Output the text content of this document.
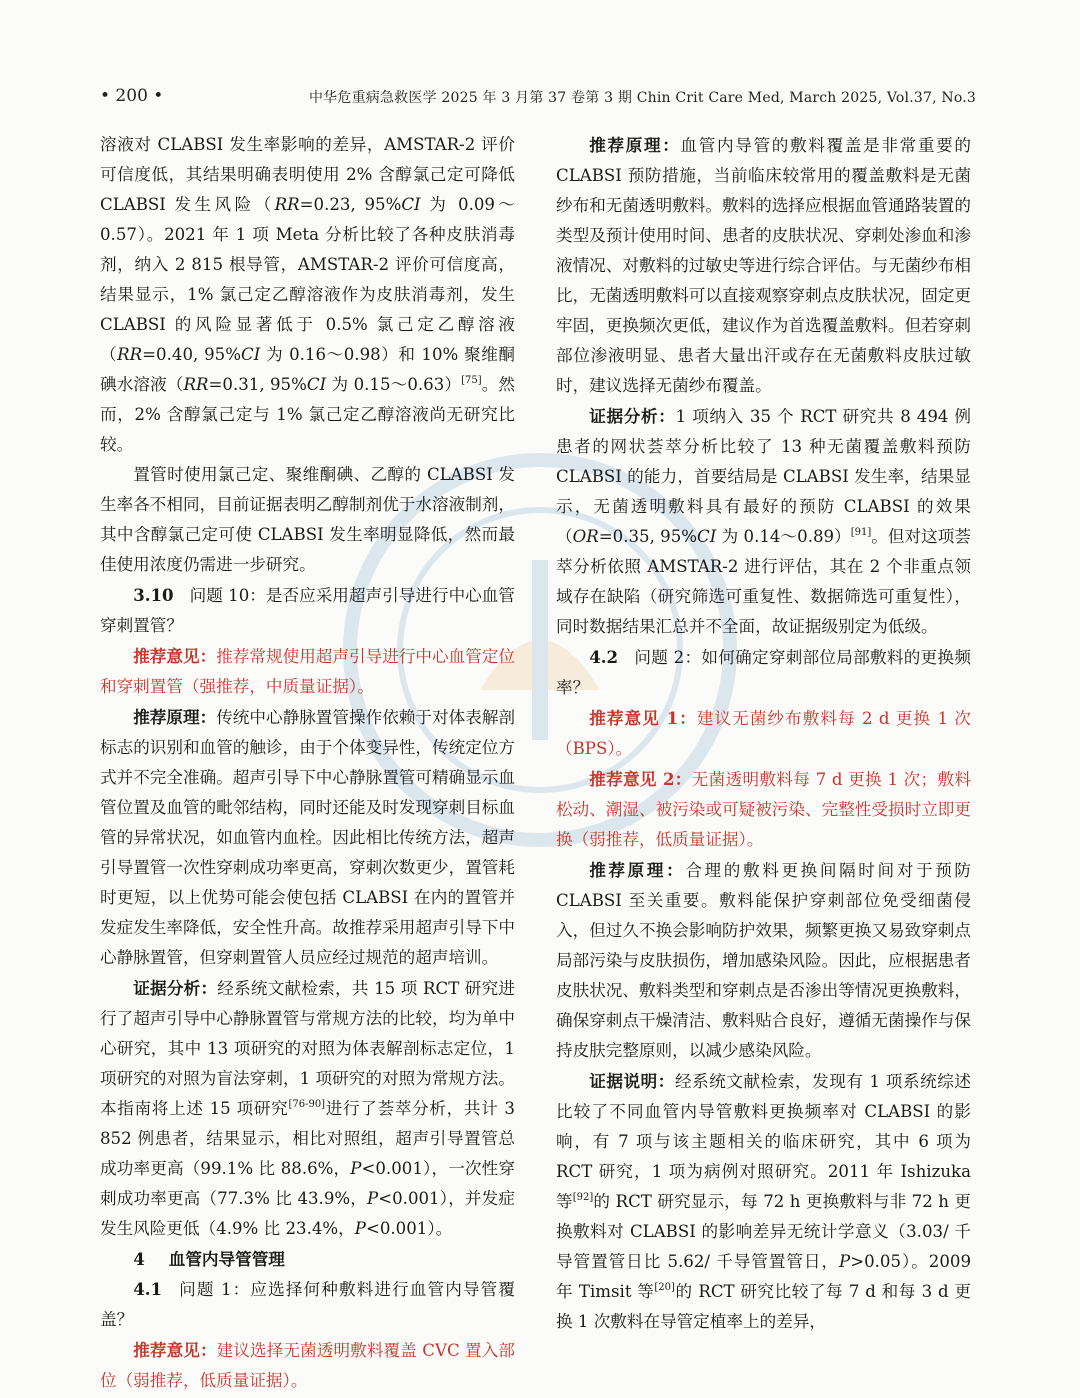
• 200 •	中华危重病急救医学 2025 年 3 月第 37 卷第 3 期 Chin Crit Care Med, March 2025, Vol.37, No.3

溶液对 CLABSI 发生率影响的差异，AMSTAR-2 评价可信度低，其结果明确表明使用 2% 含醇氯己定可降低 CLABSI 发生风险（RR=0.23, 95%CI 为 0.09～0.57）。2021 年 1 项 Meta 分析比较了各种皮肤消毒剂，纳入 2 815 根导管，AMSTAR-2 评价可信度高，结果显示，1% 氯己定乙醇溶液作为皮肤消毒剂，发生 CLABSI 的风险显著低于 0.5% 氯己定乙醇溶液（RR=0.40, 95%CI 为 0.16～0.98）和 10% 聚维酮碘水溶液（RR=0.31, 95%CI 为 0.15～0.63）[75]。然而，2% 含醇氯己定与 1% 氯己定乙醇溶液尚无研究比较。

置管时使用氯己定、聚维酮碘、乙醇的 CLABSI 发生率各不相同，目前证据表明乙醇制剂优于水溶液制剂，其中含醇氯己定可使 CLABSI 发生率明显降低，然而最佳使用浓度仍需进一步研究。

3.10 问题 10：是否应采用超声引导进行中心血管穿刺置管？

推荐意见：推荐常规使用超声引导进行中心血管定位和穿刺置管（强推荐，中质量证据）。

推荐原理：传统中心静脉置管操作依赖于对体表解剖标志的识别和血管的触诊，由于个体变异性，传统定位方式并不完全准确。超声引导下中心静脉置管可精确显示血管位置及血管的毗邻结构，同时还能及时发现穿刺目标血管的异常状况，如血管内血栓。因此相比传统方法，超声引导置管一次性穿刺成功率更高，穿刺次数更少，置管耗时更短，以上优势可能会使包括 CLABSI 在内的置管并发症发生率降低，安全性升高。故推荐采用超声引导下中心静脉置管，但穿刺置管人员应经过规范的超声培训。

证据分析：经系统文献检索，共 15 项 RCT 研究进行了超声引导中心静脉置管与常规方法的比较，均为单中心研究，其中 13 项研究的对照为体表解剖标志定位，1 项研究的对照为盲法穿刺，1 项研究的对照为常规方法。本指南将上述 15 项研究[76-90]进行了荟萃分析，共计 3 852 例患者，结果显示，相比对照组，超声引导置管总成功率更高（99.1% 比 88.6%，P<0.001），一次性穿刺成功率更高（77.3% 比 43.9%，P<0.001），并发症发生风险更低（4.9% 比 23.4%，P<0.001）。

4 血管内导管管理

4.1 问题 1：应选择何种敷料进行血管内导管覆盖？

推荐意见：建议选择无菌透明敷料覆盖 CVC 置入部位（弱推荐，低质量证据）。

推荐原理：血管内导管的敷料覆盖是非常重要的 CLABSI 预防措施，当前临床较常用的覆盖敷料是无菌纱布和无菌透明敷料。敷料的选择应根据血管通路装置的类型及预计使用时间、患者的皮肤状况、穿刺处渗血和渗液情况、对敷料的过敏史等进行综合评估。与无菌纱布相比，无菌透明敷料可以直接观察穿刺点皮肤状况，固定更牢固，更换频次更低，建议作为首选覆盖敷料。但若穿刺部位渗液明显、患者大量出汗或存在无菌敷料皮肤过敏时，建议选择无菌纱布覆盖。

证据分析：1 项纳入 35 个 RCT 研究共 8 494 例患者的网状荟萃分析比较了 13 种无菌覆盖敷料预防 CLABSI 的能力，首要结局是 CLABSI 发生率，结果显示，无菌透明敷料具有最好的预防 CLABSI 的效果（OR=0.35, 95%CI 为 0.14～0.89）[91]。但对这项荟萃分析依照 AMSTAR-2 进行评估，其在 2 个非重点领域存在缺陷（研究筛选可重复性、数据筛选可重复性），同时数据结果汇总并不全面，故证据级别定为低级。

4.2 问题 2：如何确定穿刺部位局部敷料的更换频率？

推荐意见 1：建议无菌纱布敷料每 2 d 更换 1 次（BPS）。

推荐意见 2：无菌透明敷料每 7 d 更换 1 次；敷料松动、潮湿、被污染或可疑被污染、完整性受损时立即更换（弱推荐，低质量证据）。

推荐原理：合理的敷料更换间隔时间对于预防 CLABSI 至关重要。敷料能保护穿刺部位免受细菌侵入，但过久不换会影响防护效果，频繁更换又易致穿刺点局部污染与皮肤损伤，增加感染风险。因此，应根据患者皮肤状况、敷料类型和穿刺点是否渗出等情况更换敷料，确保穿刺点干燥清洁、敷料贴合良好，遵循无菌操作与保持皮肤完整原则，以减少感染风险。

证据说明：经系统文献检索，发现有 1 项系统综述比较了不同血管内导管敷料更换频率对 CLABSI 的影响，有 7 项与该主题相关的临床研究，其中 6 项为 RCT 研究，1 项为病例对照研究。2011 年 Ishizuka 等[92]的 RCT 研究显示，每 72 h 更换敷料与非 72 h 更换敷料对 CLABSI 的影响差异无统计学意义（3.03/ 千导管置管日比 5.62/ 千导管置管日，P>0.05）。2009 年 Timsit 等[20]的 RCT 研究比较了每 7 d 和每 3 d 更换 1 次敷料在导管定植率上的差异，
